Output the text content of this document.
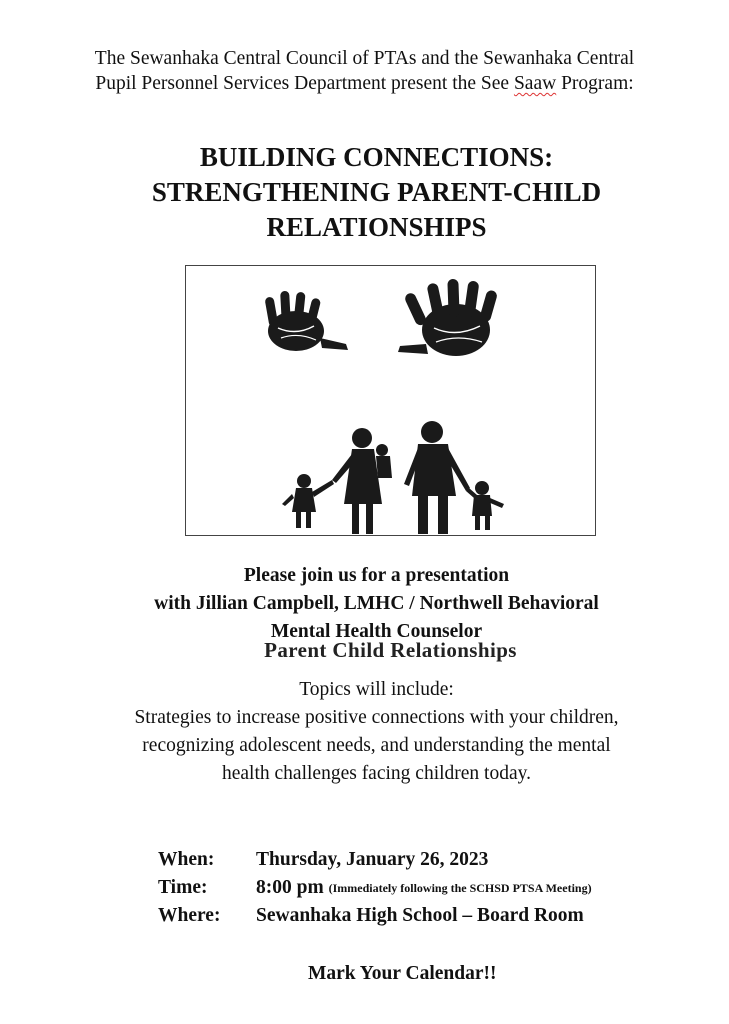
The Sewanhaka Central Council of PTAs and the Sewanhaka Central
Pupil Personnel Services Department present the See Saaw Program:
BUILDING CONNECTIONS:
STRENGTHENING PARENT-CHILD
RELATIONSHIPS
Parent Child Relationships
Please join us for a presentation
with Jillian Campbell, LMHC / Northwell Behavioral
Mental Health Counselor
Topics will include:
Strategies to increase positive connections with your children,
recognizing adolescent needs, and understanding the mental
health challenges facing children today.
When:	Thursday, January 26, 2023
Time:	8:00 pm
(Immediately following the SCHSD PTSA Meeting)
Where:	Sewanhaka High School – Board Room
Mark Your Calendar!!
